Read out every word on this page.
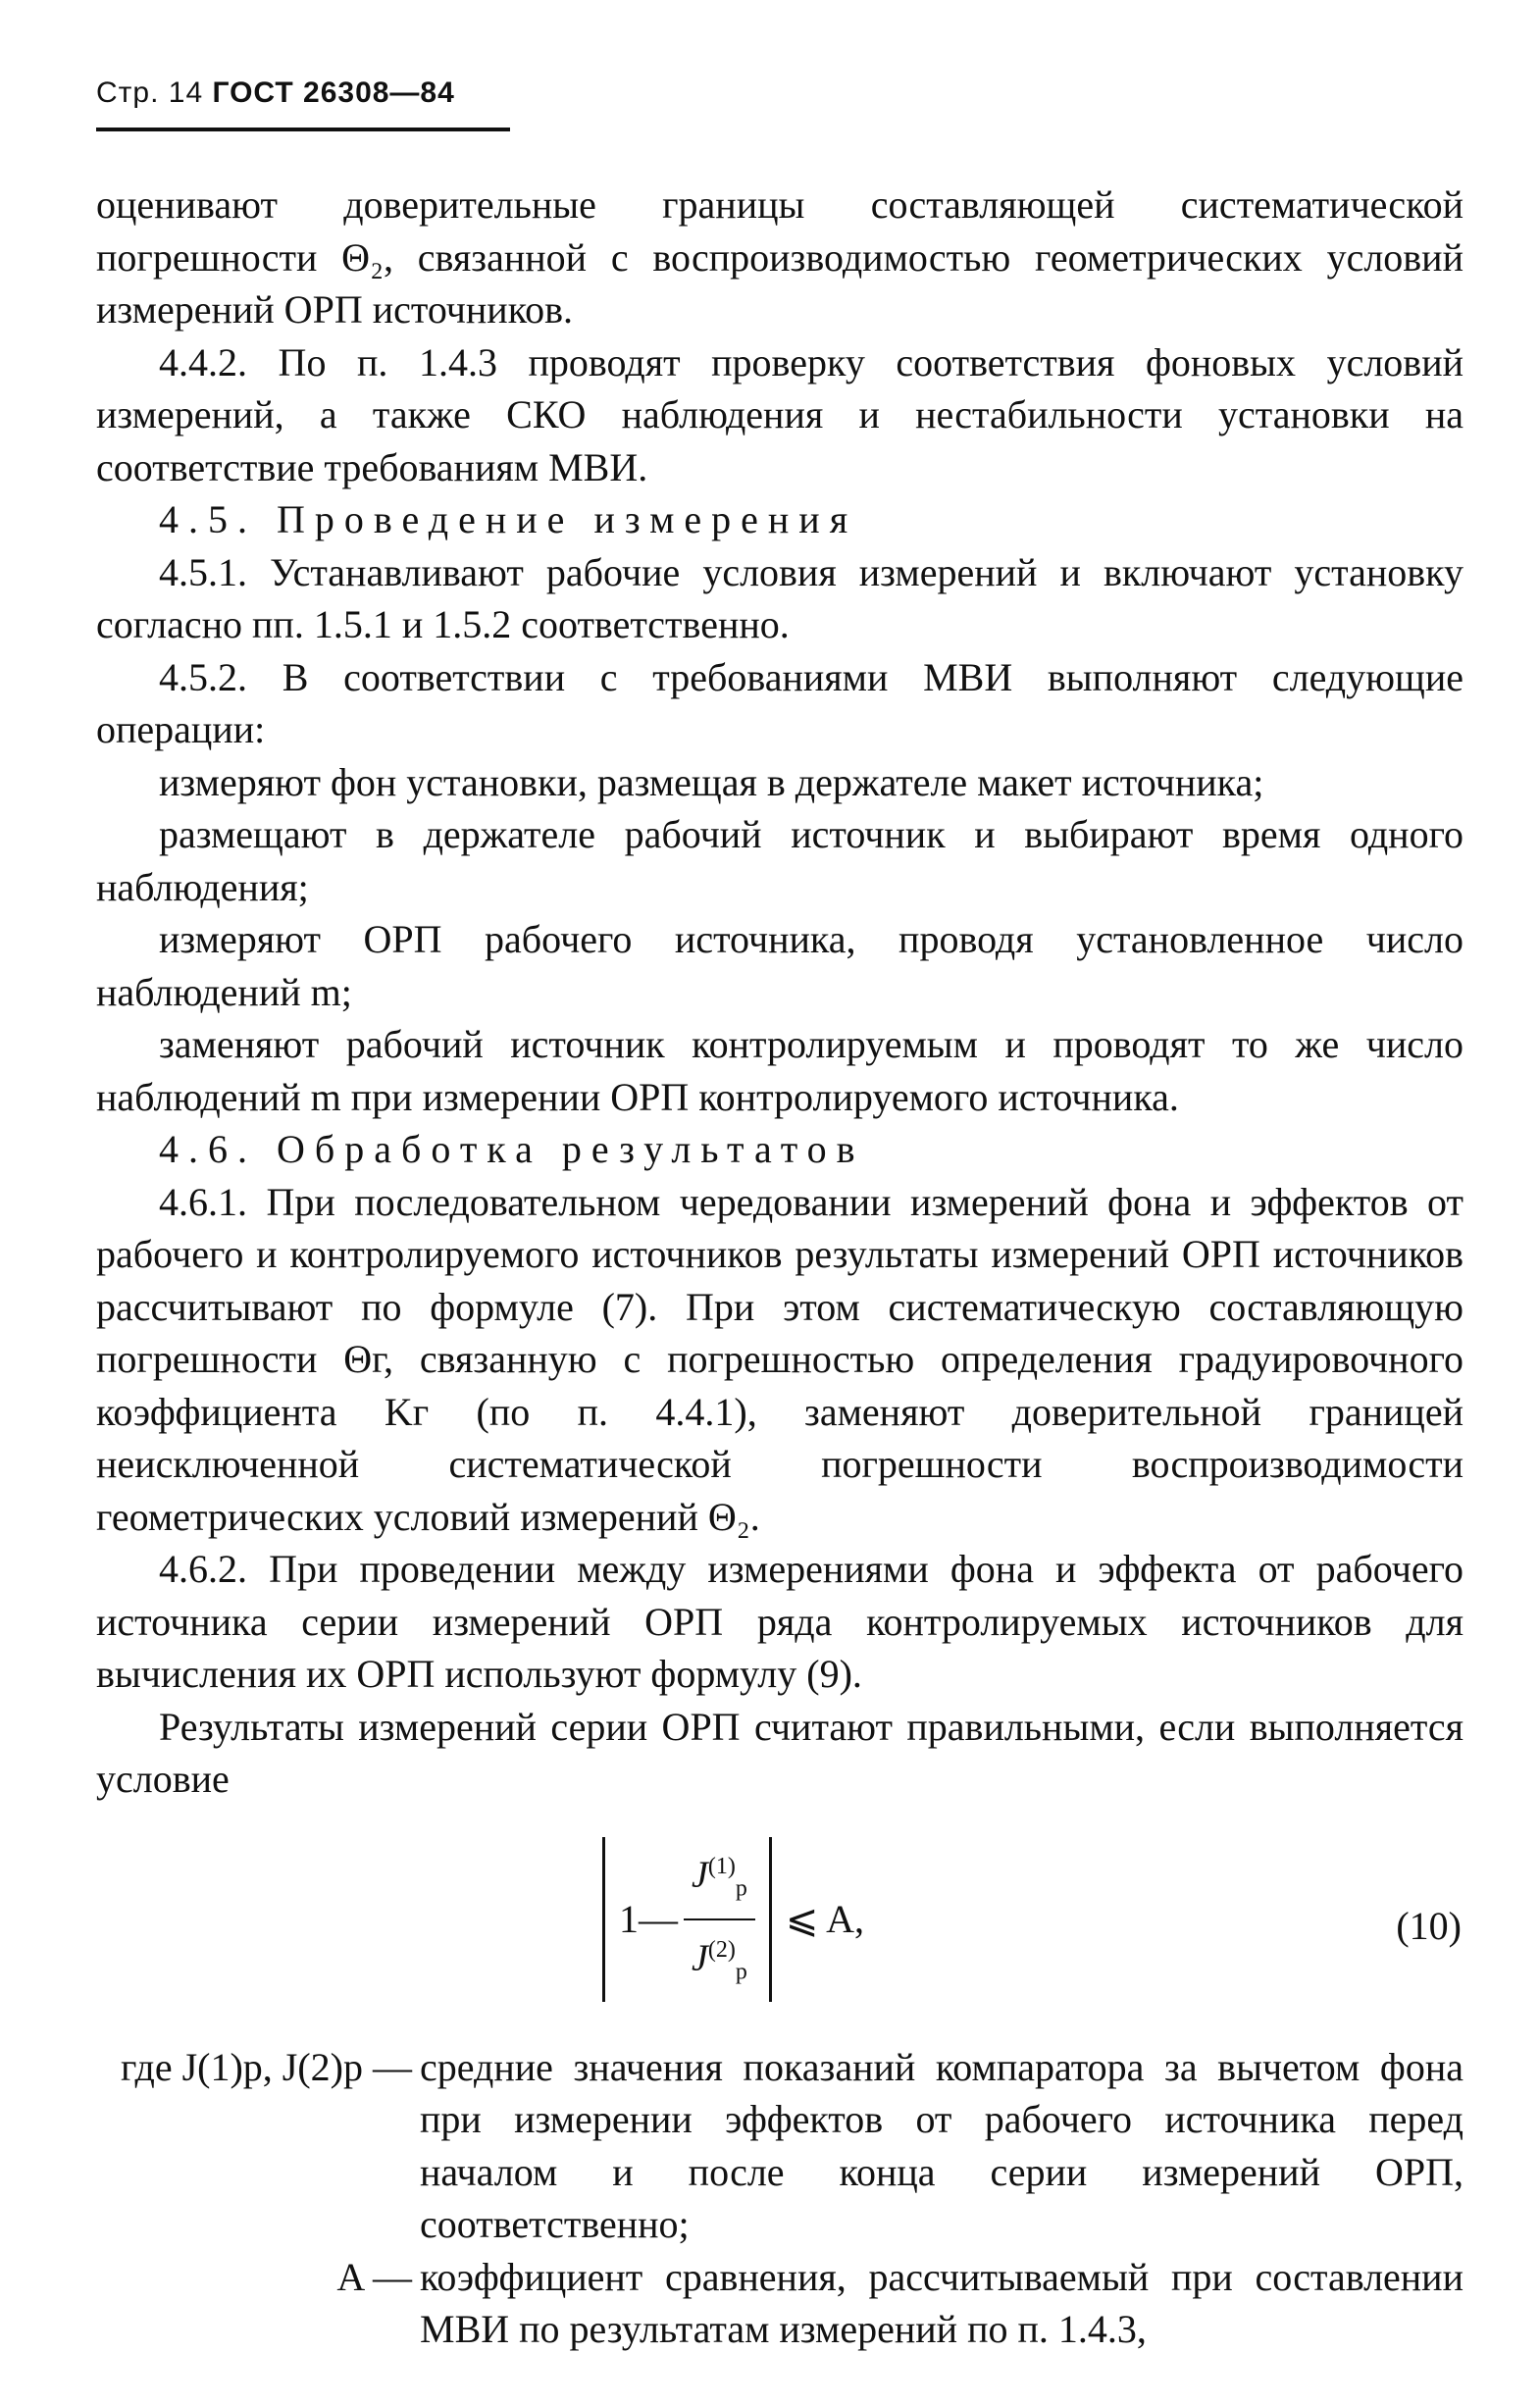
Стр. 14 ГОСТ 26308—84

оценивают доверительные границы составляющей систематической погрешности Θ₂, связанной с воспроизводимостью геометрических условий измерений ОРП источников.

4.4.2. По п. 1.4.3 проводят проверку соответствия фоновых условий измерений, а также СКО наблюдения и нестабильности установки на соответствие требованиям МВИ.

4.5. Проведение измерения

4.5.1. Устанавливают рабочие условия измерений и включают установку согласно пп. 1.5.1 и 1.5.2 соответственно.

4.5.2. В соответствии с требованиями МВИ выполняют следующие операции:

измеряют фон установки, размещая в держателе макет источника;

размещают в держателе рабочий источник и выбирают время одного наблюдения;

измеряют ОРП рабочего источника, проводя установленное число наблюдений m;

заменяют рабочий источник контролируемым и проводят то же число наблюдений m при измерении ОРП контролируемого источника.

4.6. Обработка результатов

4.6.1. При последовательном чередовании измерений фона и эффектов от рабочего и контролируемого источников результаты измерений ОРП источников рассчитывают по формуле (7). При этом систематическую составляющую погрешности Θг, связанную с погрешностью определения градуировочного коэффициента Kг (по п. 4.4.1), заменяют доверительной границей неисключенной систематической погрешности воспроизводимости геометрических условий измерений Θ₂.

4.6.2. При проведении между измерениями фона и эффекта от рабочего источника серии измерений ОРП ряда контролируемых источников для вычисления их ОРП используют формулу (9).

Результаты измерений серии ОРП считают правильными, если выполняется условие

1— $\frac{J^{(1)}_р}{J^{(2)}_р}$ ⩽ A,	(10)
где J(1)р, J(2)р — средние значения показаний компаратора за вычетом фона при измерении эффектов от рабочего источника перед началом и после конца серии измерений ОРП, соответственно;
A — коэффициент сравнения, рассчитываемый при составлении МВИ по результатам измерений по п. 1.4.3,
